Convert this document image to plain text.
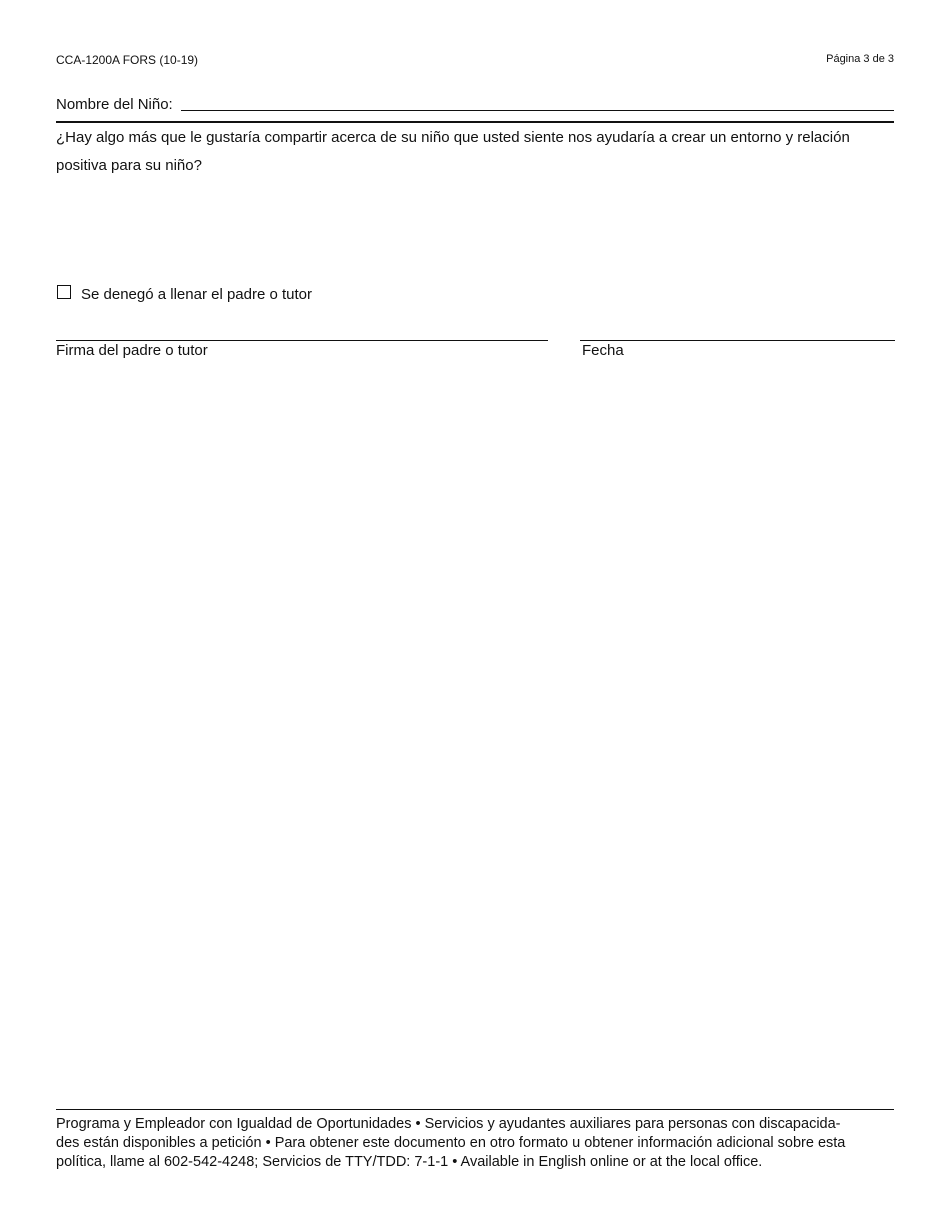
CCA-1200A FORS (10-19)	Página 3 de 3
Nombre del Niño:
¿Hay algo más que le gustaría compartir acerca de su niño que usted siente nos ayudaría a crear un entorno y relación
positiva para su niño?
Se denegó a llenar el padre o tutor
Firma del padre o tutor	Fecha
Programa y Empleador con Igualdad de Oportunidades • Servicios y ayudantes auxiliares para personas con discapacida-
des están disponibles a petición • Para obtener este documento en otro formato u obtener información adicional sobre esta
política, llame al 602-542-4248; Servicios de TTY/TDD: 7-1-1 • Available in English online or at the local office.
